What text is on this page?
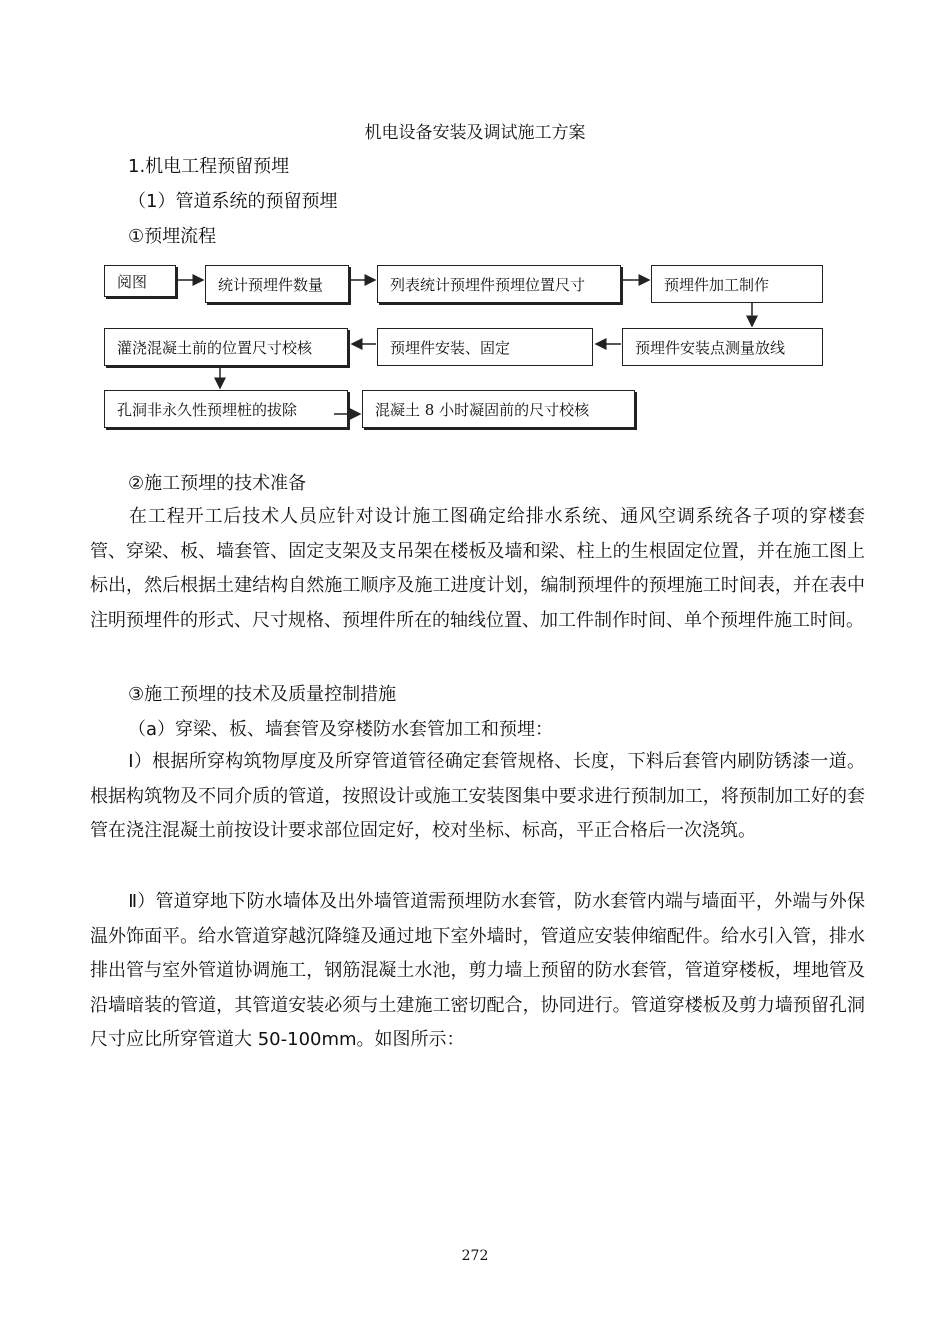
机电设备安装及调试施工方案
1.机电工程预留预埋
（1）管道系统的预留预埋
①预埋流程
阅图	统计预埋件数量	列表统计预埋件预埋位置尺寸	预埋件加工制作
预埋件安装点测量放线
预埋件安装、固定
灌浇混凝土前的位置尺寸校核
孔洞非永久性预埋桩的拔除	混凝土 8 小时凝固前的尺寸校核
②施工预埋的技术准备
在工程开工后技术人员应针对设计施工图确定给排水系统、通风空调系统各子项的穿楼套管、穿梁、板、墙套管、固定支架及支吊架在楼板及墙和梁、柱上的生根固定位置，并在施工图上标出，然后根据土建结构自然施工顺序及施工进度计划，编制预埋件的预埋施工时间表，并在表中注明预埋件的形式、尺寸规格、预埋件所在的轴线位置、加工件制作时间、单个预埋件施工时间。
③施工预埋的技术及质量控制措施
（a）穿梁、板、墙套管及穿楼防水套管加工和预埋：
Ⅰ）根据所穿构筑物厚度及所穿管道管径确定套管规格、长度，下料后套管内刷防锈漆一道。根据构筑物及不同介质的管道，按照设计或施工安装图集中要求进行预制加工，将预制加工好的套管在浇注混凝土前按设计要求部位固定好，校对坐标、标高，平正合格后一次浇筑。
Ⅱ）管道穿地下防水墙体及出外墙管道需预埋防水套管，防水套管内端与墙面平，外端与外保温外饰面平。给水管道穿越沉降缝及通过地下室外墙时，管道应安装伸缩配件。给水引入管，排水排出管与室外管道协调施工，钢筋混凝土水池，剪力墙上预留的防水套管，管道穿楼板，埋地管及沿墙暗装的管道，其管道安装必须与土建施工密切配合，协同进行。管道穿楼板及剪力墙预留孔洞尺寸应比所穿管道大 50-100mm。如图所示：
272
